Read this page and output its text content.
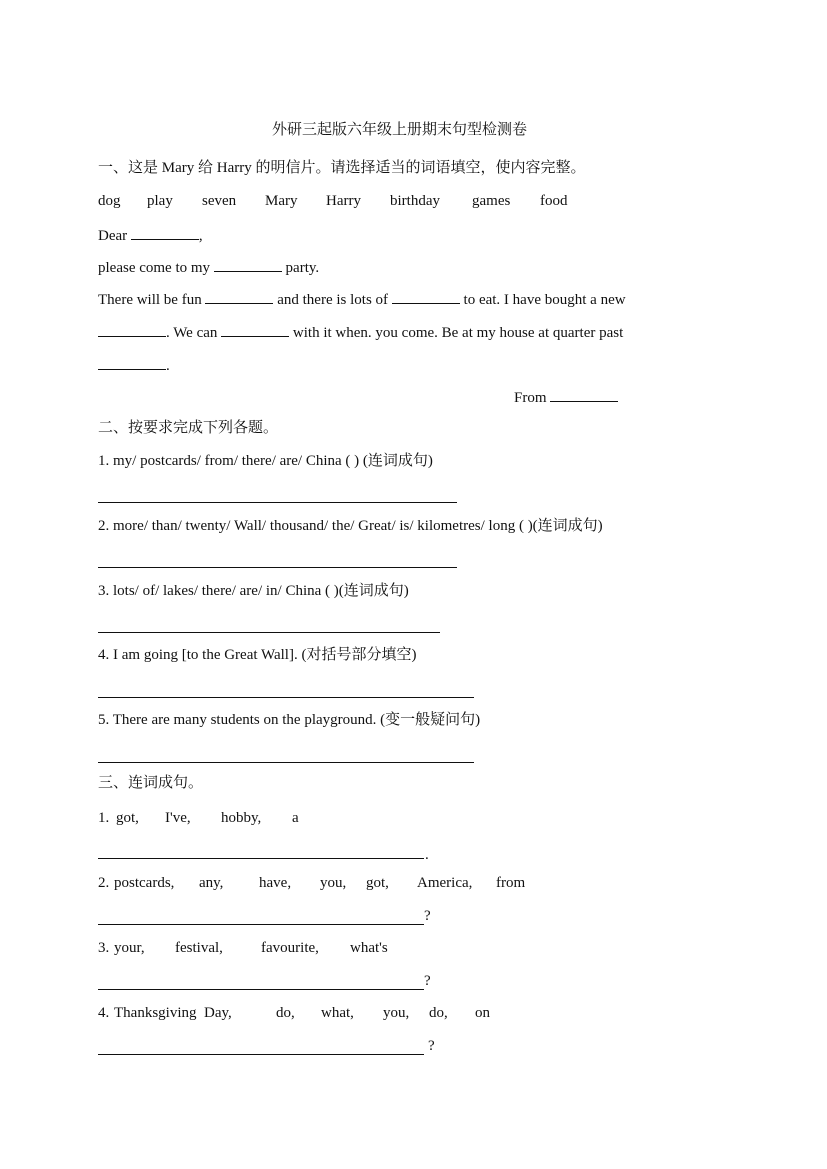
外研三起版六年级上册期末句型检测卷
一、这是 Mary 给 Harry 的明信片。请选择适当的词语填空，使内容完整。
dog play seven Mary Harry birthday games food
Dear	,
please come to my	party.
There will be fun	and there is lots of	to eat. I have bought a new
. We can	with it when. you come. Be at my house at quarter past
.
From
二、按要求完成下列各题。
1. my/ postcards/ from/ there/ are/ China ( ) (连词成句)
2. more/ than/ twenty/ Wall/ thousand/ the/ Great/ is/ kilometres/ long ( )(连词成句)
3. lots/ of/ lakes/ there/ are/ in/ China ( )(连词成句)
4. I am going [to the Great Wall]. (对括号部分填空)
5. There are many students on the playground. (变一般疑问句)
三、连词成句。
1. got, I've, hobby, a
.
2. postcards, any, have, you, got, America, from
?
3. your, festival,	favourite, what's
?
4. Thanksgiving  Day,	do, what, you, do, on
?
